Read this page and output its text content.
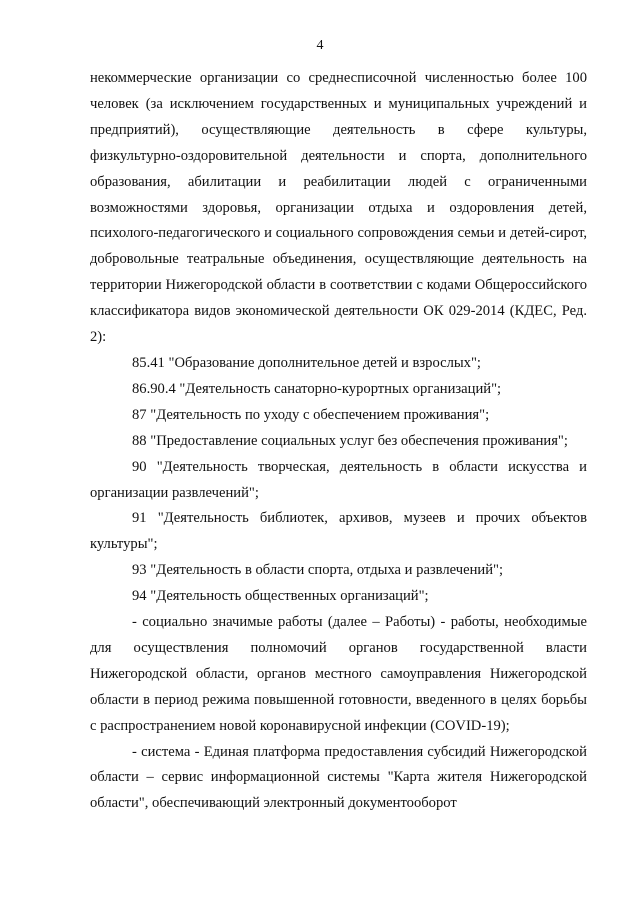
4

некоммерческие организации со среднесписочной численностью более 100 человек (за исключением государственных и муниципальных учреждений и предприятий), осуществляющие деятельность в сфере культуры, физкультурно-оздоровительной деятельности и спорта, дополнительного образования, абилитации и реабилитации людей с ограниченными возможностями здоровья, организации отдыха и оздоровления детей, психолого-педагогического и социального сопровождения семьи и детей-сирот, добровольные театральные объединения, осуществляющие деятельность на территории Нижегородской области в соответствии с кодами Общероссийского классификатора видов экономической деятельности ОК 029-2014 (КДЕС, Ред. 2):

85.41 "Образование дополнительное детей и взрослых";

86.90.4 "Деятельность санаторно-курортных организаций";

87 "Деятельность по уходу с обеспечением проживания";

88 "Предоставление социальных услуг без обеспечения проживания";

90 "Деятельность творческая, деятельность в области искусства и организации развлечений";

91 "Деятельность библиотек, архивов, музеев и прочих объектов культуры";

93 "Деятельность в области спорта, отдыха и развлечений";

94 "Деятельность общественных организаций";

- социально значимые работы (далее – Работы) - работы, необходимые для осуществления полномочий органов государственной власти Нижегородской области, органов местного самоуправления Нижегородской области в период режима повышенной готовности, введенного в целях борьбы с распространением новой коронавирусной инфекции (COVID-19);

- система - Единая платформа предоставления субсидий Нижегородской области – сервис информационной системы "Карта жителя Нижегородской области", обеспечивающий электронный документооборот
